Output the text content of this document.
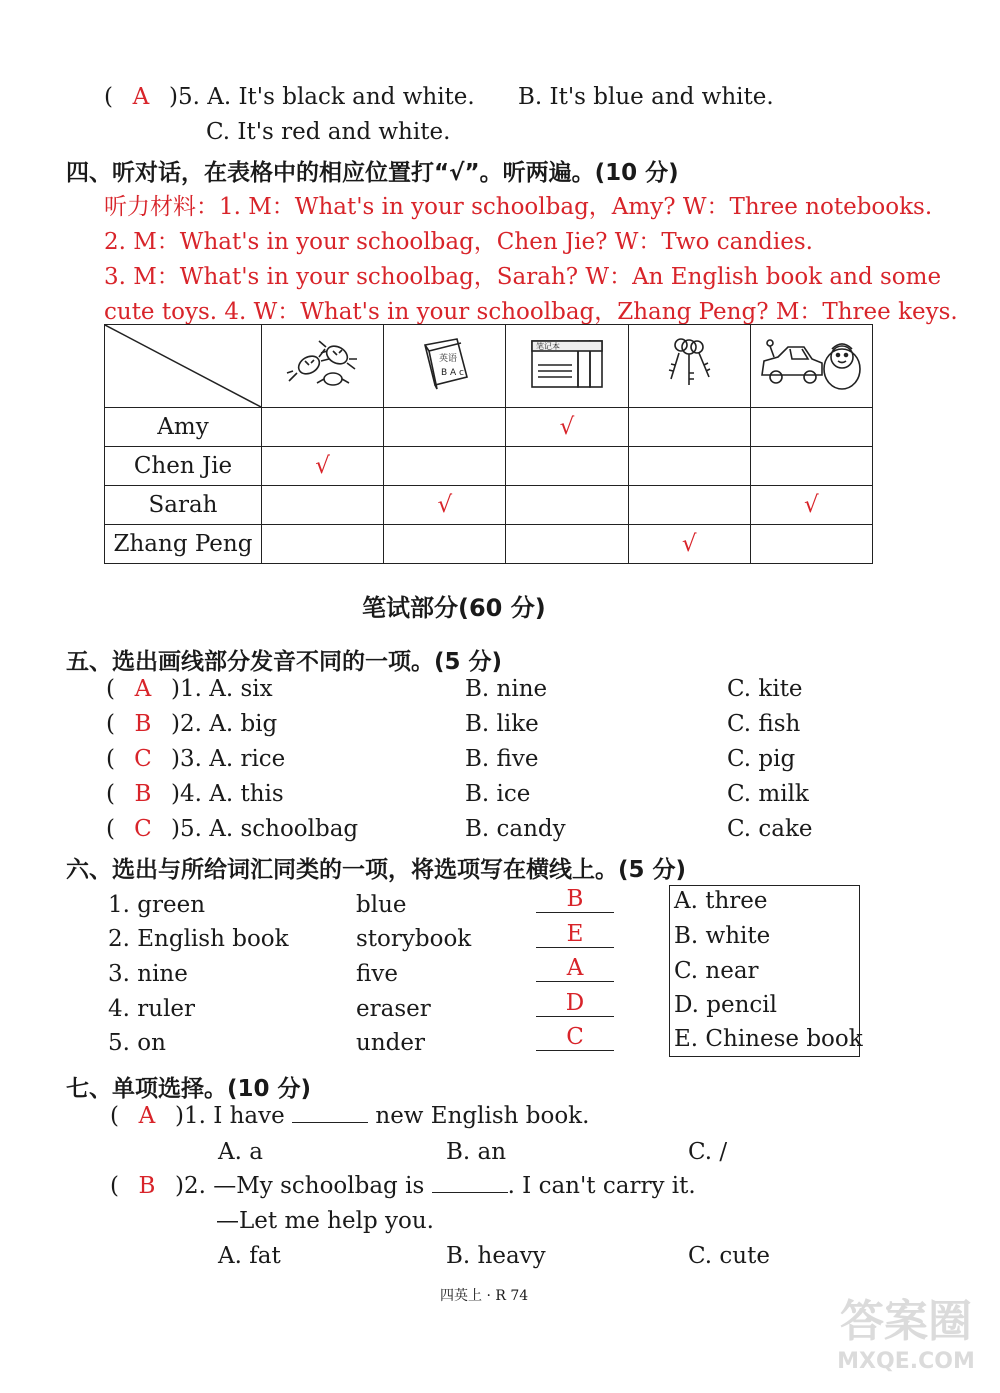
( A )5. A. It's black and white. B. It's blue and white.
C. It's red and white.
四、听对话，在表格中的相应位置打“√”。听两遍。(10 分)
听力材料：1. M：What's in your schoolbag，Amy? W：Three notebooks.
2. M：What's in your schoolbag，Chen Jie? W：Two candies.
3. M：What's in your schoolbag，Sarah? W：An English book and some
cute toys. 4. W：What's in your schoolbag，Zhang Peng? M：Three keys.

英语
B A c	笔记本

Amy			√		
Chen Jie	√				
Sarah		√			√
Zhang Peng				√	
笔试部分(60 分)
五、选出画线部分发音不同的一项。(5 分)
( A )1. A. six	B. nine	C. kite
( B )2. A. big	B. like	C. fish
( C )3. A. rice	B. five	C. pig
( B )4. A. this	B. ice	C. milk
( C )5. A. schoolbag	B. candy	C. cake
六、选出与所给词汇同类的一项，将选项写在横线上。(5 分)
1. green	blue	B
2. English book	storybook	E
3. nine	five	A
4. ruler	eraser	D
5. on	under	C
A. three
B. white
C. near
D. pencil
E. Chinese book
七、单项选择。(10 分)
( A )1. I have	new English book.
A. a	B. an	C. /
( B )2. —My schoolbag is	. I can't carry it.
—Let me help you.
A. fat	B. heavy	C. cute
四英上 · R 74	答案圈
MXQE.COM
